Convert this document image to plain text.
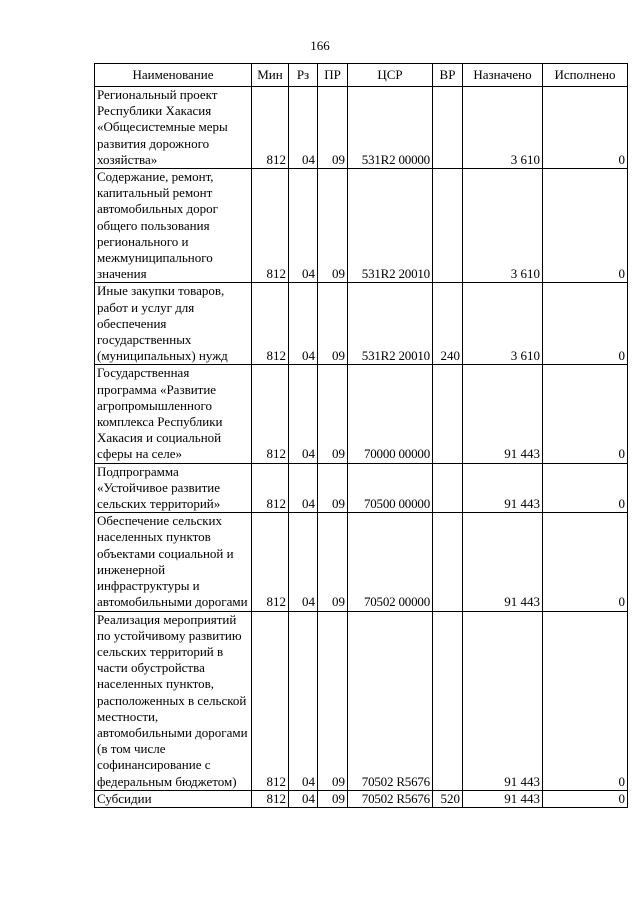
166
Наименование	Мин	Рз	ПР	ЦСР	ВР	Назначено	Исполнено
Региональный проект Республики Хакасия «Общесистемные меры развития дорожного хозяйства»	812	04	09	531R2 00000		3 610	0
Содержание, ремонт, капитальный ремонт автомобильных дорог общего пользования регионального и межмуниципального значения	812	04	09	531R2 20010		3 610	0
Иные закупки товаров, работ и услуг для обеспечения государственных (муниципальных) нужд	812	04	09	531R2 20010	240	3 610	0
Государственная программа «Развитие агропромышленного комплекса Республики Хакасия и социальной сферы на селе»	812	04	09	70000 00000		91 443	0
Подпрограмма «Устойчивое развитие сельских территорий»	812	04	09	70500 00000		91 443	0
Обеспечение сельских населенных пунктов объектами социальной и инженерной инфраструктуры и автомобильными дорогами	812	04	09	70502 00000		91 443	0
Реализация мероприятий по устойчивому развитию сельских территорий в части обустройства населенных пунктов, расположенных в сельской местности, автомобильными дорогами (в том числе софинансирование с федеральным бюджетом)	812	04	09	70502 R5676		91 443	0
Субсидии	812	04	09	70502 R5676	520	91 443	0
